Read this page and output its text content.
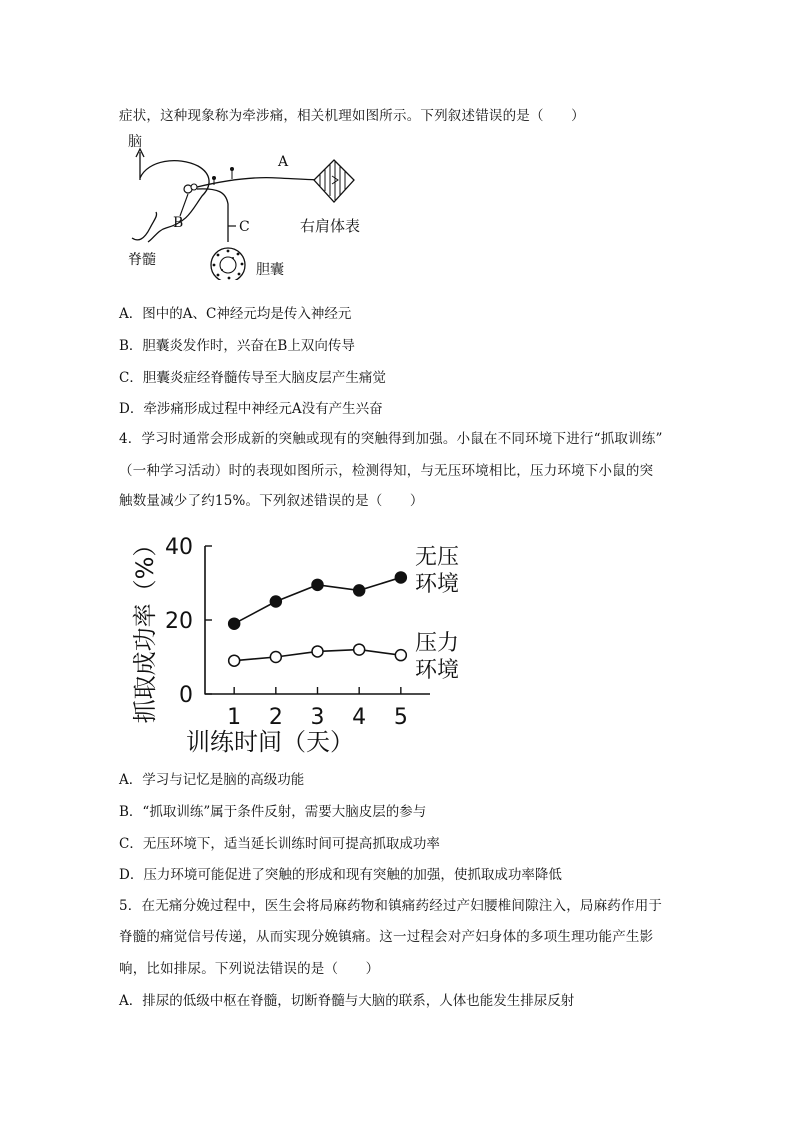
症状，这种现象称为牵涉痛，相关机理如图所示。下列叙述错误的是（　　）
脑
B
A
C	右肩体表
脊髓
胆囊
A．图中的A、C神经元均是传入神经元
B．胆囊炎发作时，兴奋在B上双向传导
C．胆囊炎症经脊髓传导至大脑皮层产生痛觉
D．牵涉痛形成过程中神经元A没有产生兴奋
4．学习时通常会形成新的突触或现有的突触得到加强。小鼠在不同环境下进行“抓取训练”
（一种学习活动）时的表现如图所示，检测得知，与无压环境相比，压力环境下小鼠的突
触数量减少了约15%。下列叙述错误的是（　　）
0
20
40
1 2 3 4 5
抓取成功率（%）
训练时间（天）
无压
环境
压力
环境
A．学习与记忆是脑的高级功能
B．“抓取训练”属于条件反射，需要大脑皮层的参与
C．无压环境下，适当延长训练时间可提高抓取成功率
D．压力环境可能促进了突触的形成和现有突触的加强，使抓取成功率降低
5．在无痛分娩过程中，医生会将局麻药物和镇痛药经过产妇腰椎间隙注入，局麻药作用于
脊髓的痛觉信号传递，从而实现分娩镇痛。这一过程会对产妇身体的多项生理功能产生影
响，比如排尿。下列说法错误的是（　　）
A．排尿的低级中枢在脊髓，切断脊髓与大脑的联系，人体也能发生排尿反射
